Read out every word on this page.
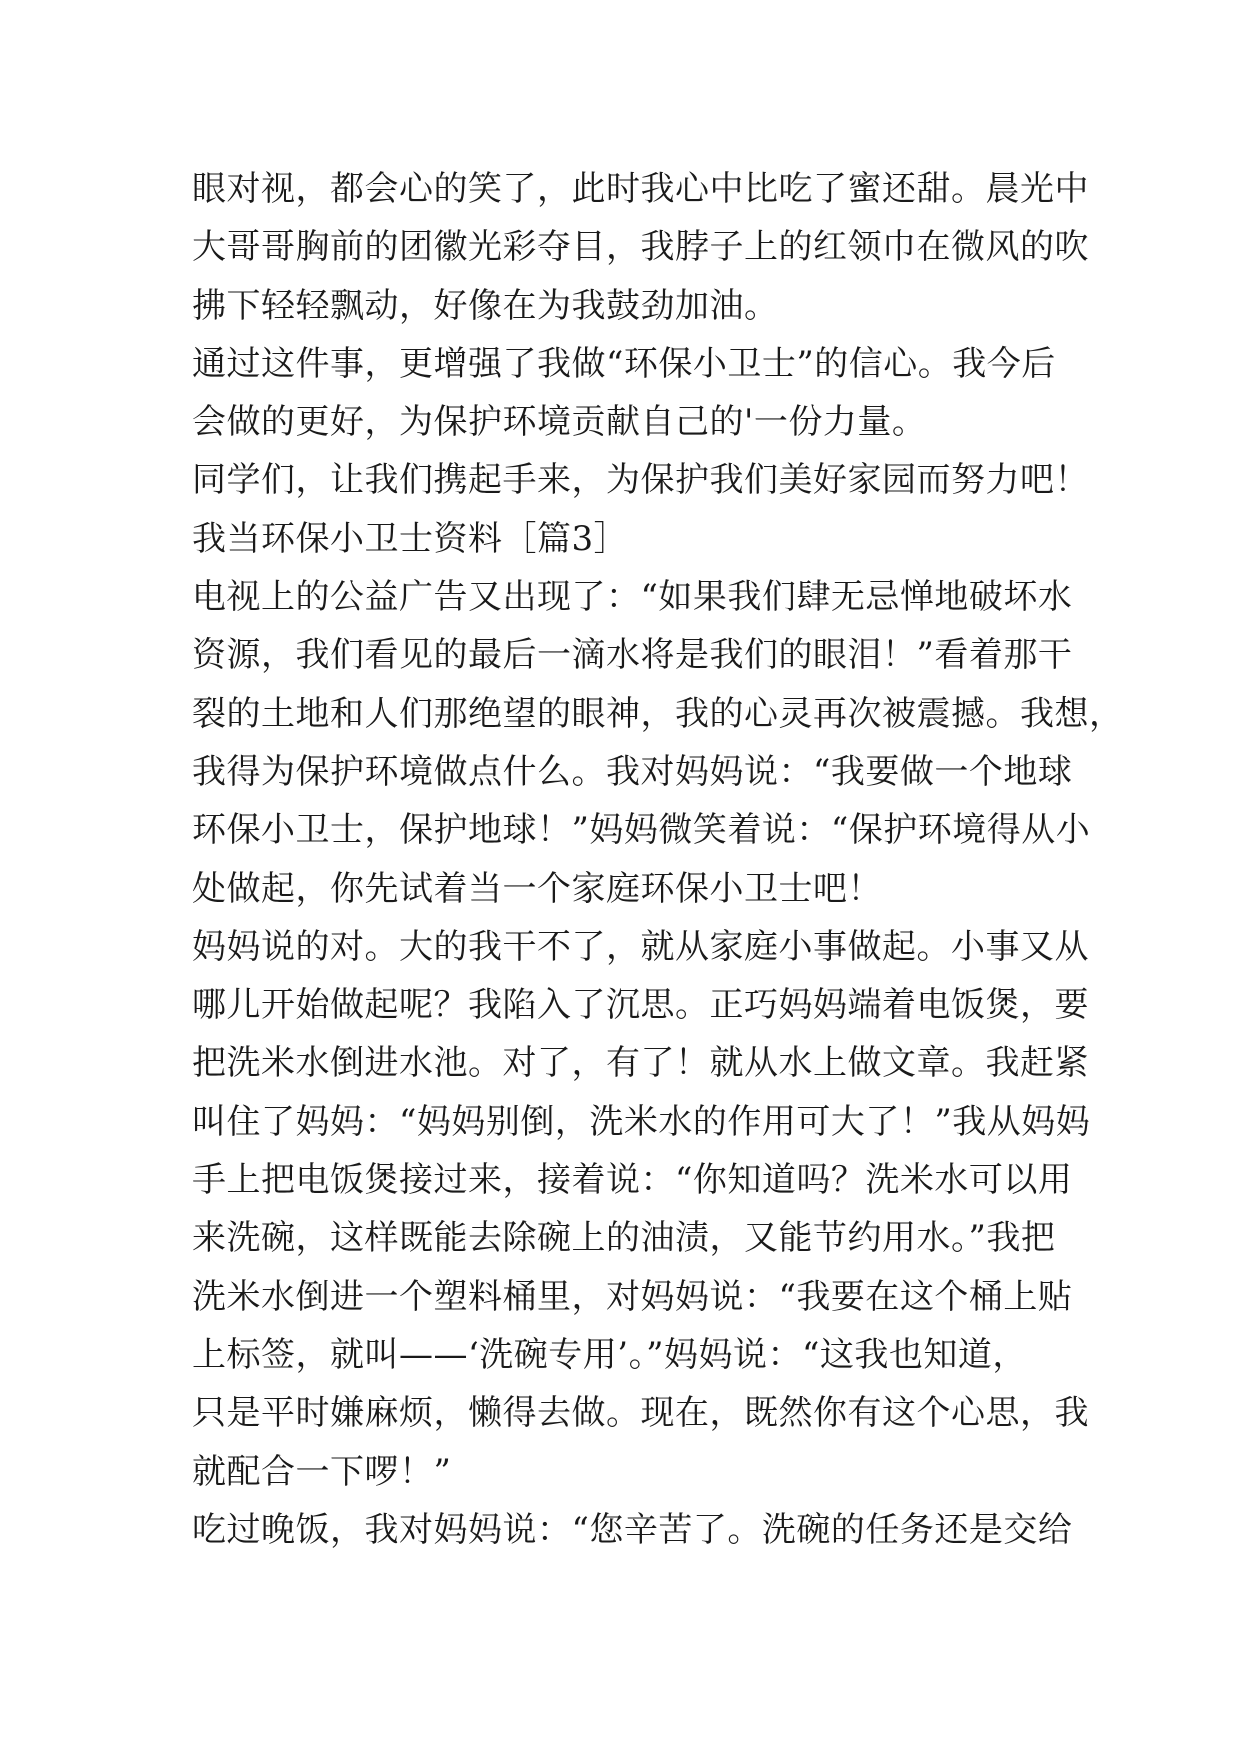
眼对视，都会心的笑了，此时我心中比吃了蜜还甜。晨光中
大哥哥胸前的团徽光彩夺目，我脖子上的红领巾在微风的吹
拂下轻轻飘动，好像在为我鼓劲加油。
通过这件事，更增强了我做“环保小卫士”的信心。我今后
会做的更好，为保护环境贡献自己的'一份力量。
同学们，让我们携起手来，为保护我们美好家园而努力吧！
我当环保小卫士资料［篇3］
电视上的公益广告又出现了：“如果我们肆无忌惮地破坏水
资源，我们看见的最后一滴水将是我们的眼泪！”看着那干
裂的土地和人们那绝望的眼神，我的心灵再次被震撼。我想，
我得为保护环境做点什么。我对妈妈说：“我要做一个地球
环保小卫士，保护地球！”妈妈微笑着说：“保护环境得从小
处做起，你先试着当一个家庭环保小卫士吧！
妈妈说的对。大的我干不了，就从家庭小事做起。小事又从
哪儿开始做起呢？我陷入了沉思。正巧妈妈端着电饭煲，要
把洗米水倒进水池。对了，有了！就从水上做文章。我赶紧
叫住了妈妈：“妈妈别倒，洗米水的作用可大了！”我从妈妈
手上把电饭煲接过来，接着说：“你知道吗？洗米水可以用
来洗碗，这样既能去除碗上的油渍，又能节约用水。”我把
洗米水倒进一个塑料桶里，对妈妈说：“我要在这个桶上贴
上标签，就叫——‘洗碗专用’。”妈妈说：“这我也知道，
只是平时嫌麻烦，懒得去做。现在，既然你有这个心思，我
就配合一下啰！”
吃过晚饭，我对妈妈说：“您辛苦了。洗碗的任务还是交给
